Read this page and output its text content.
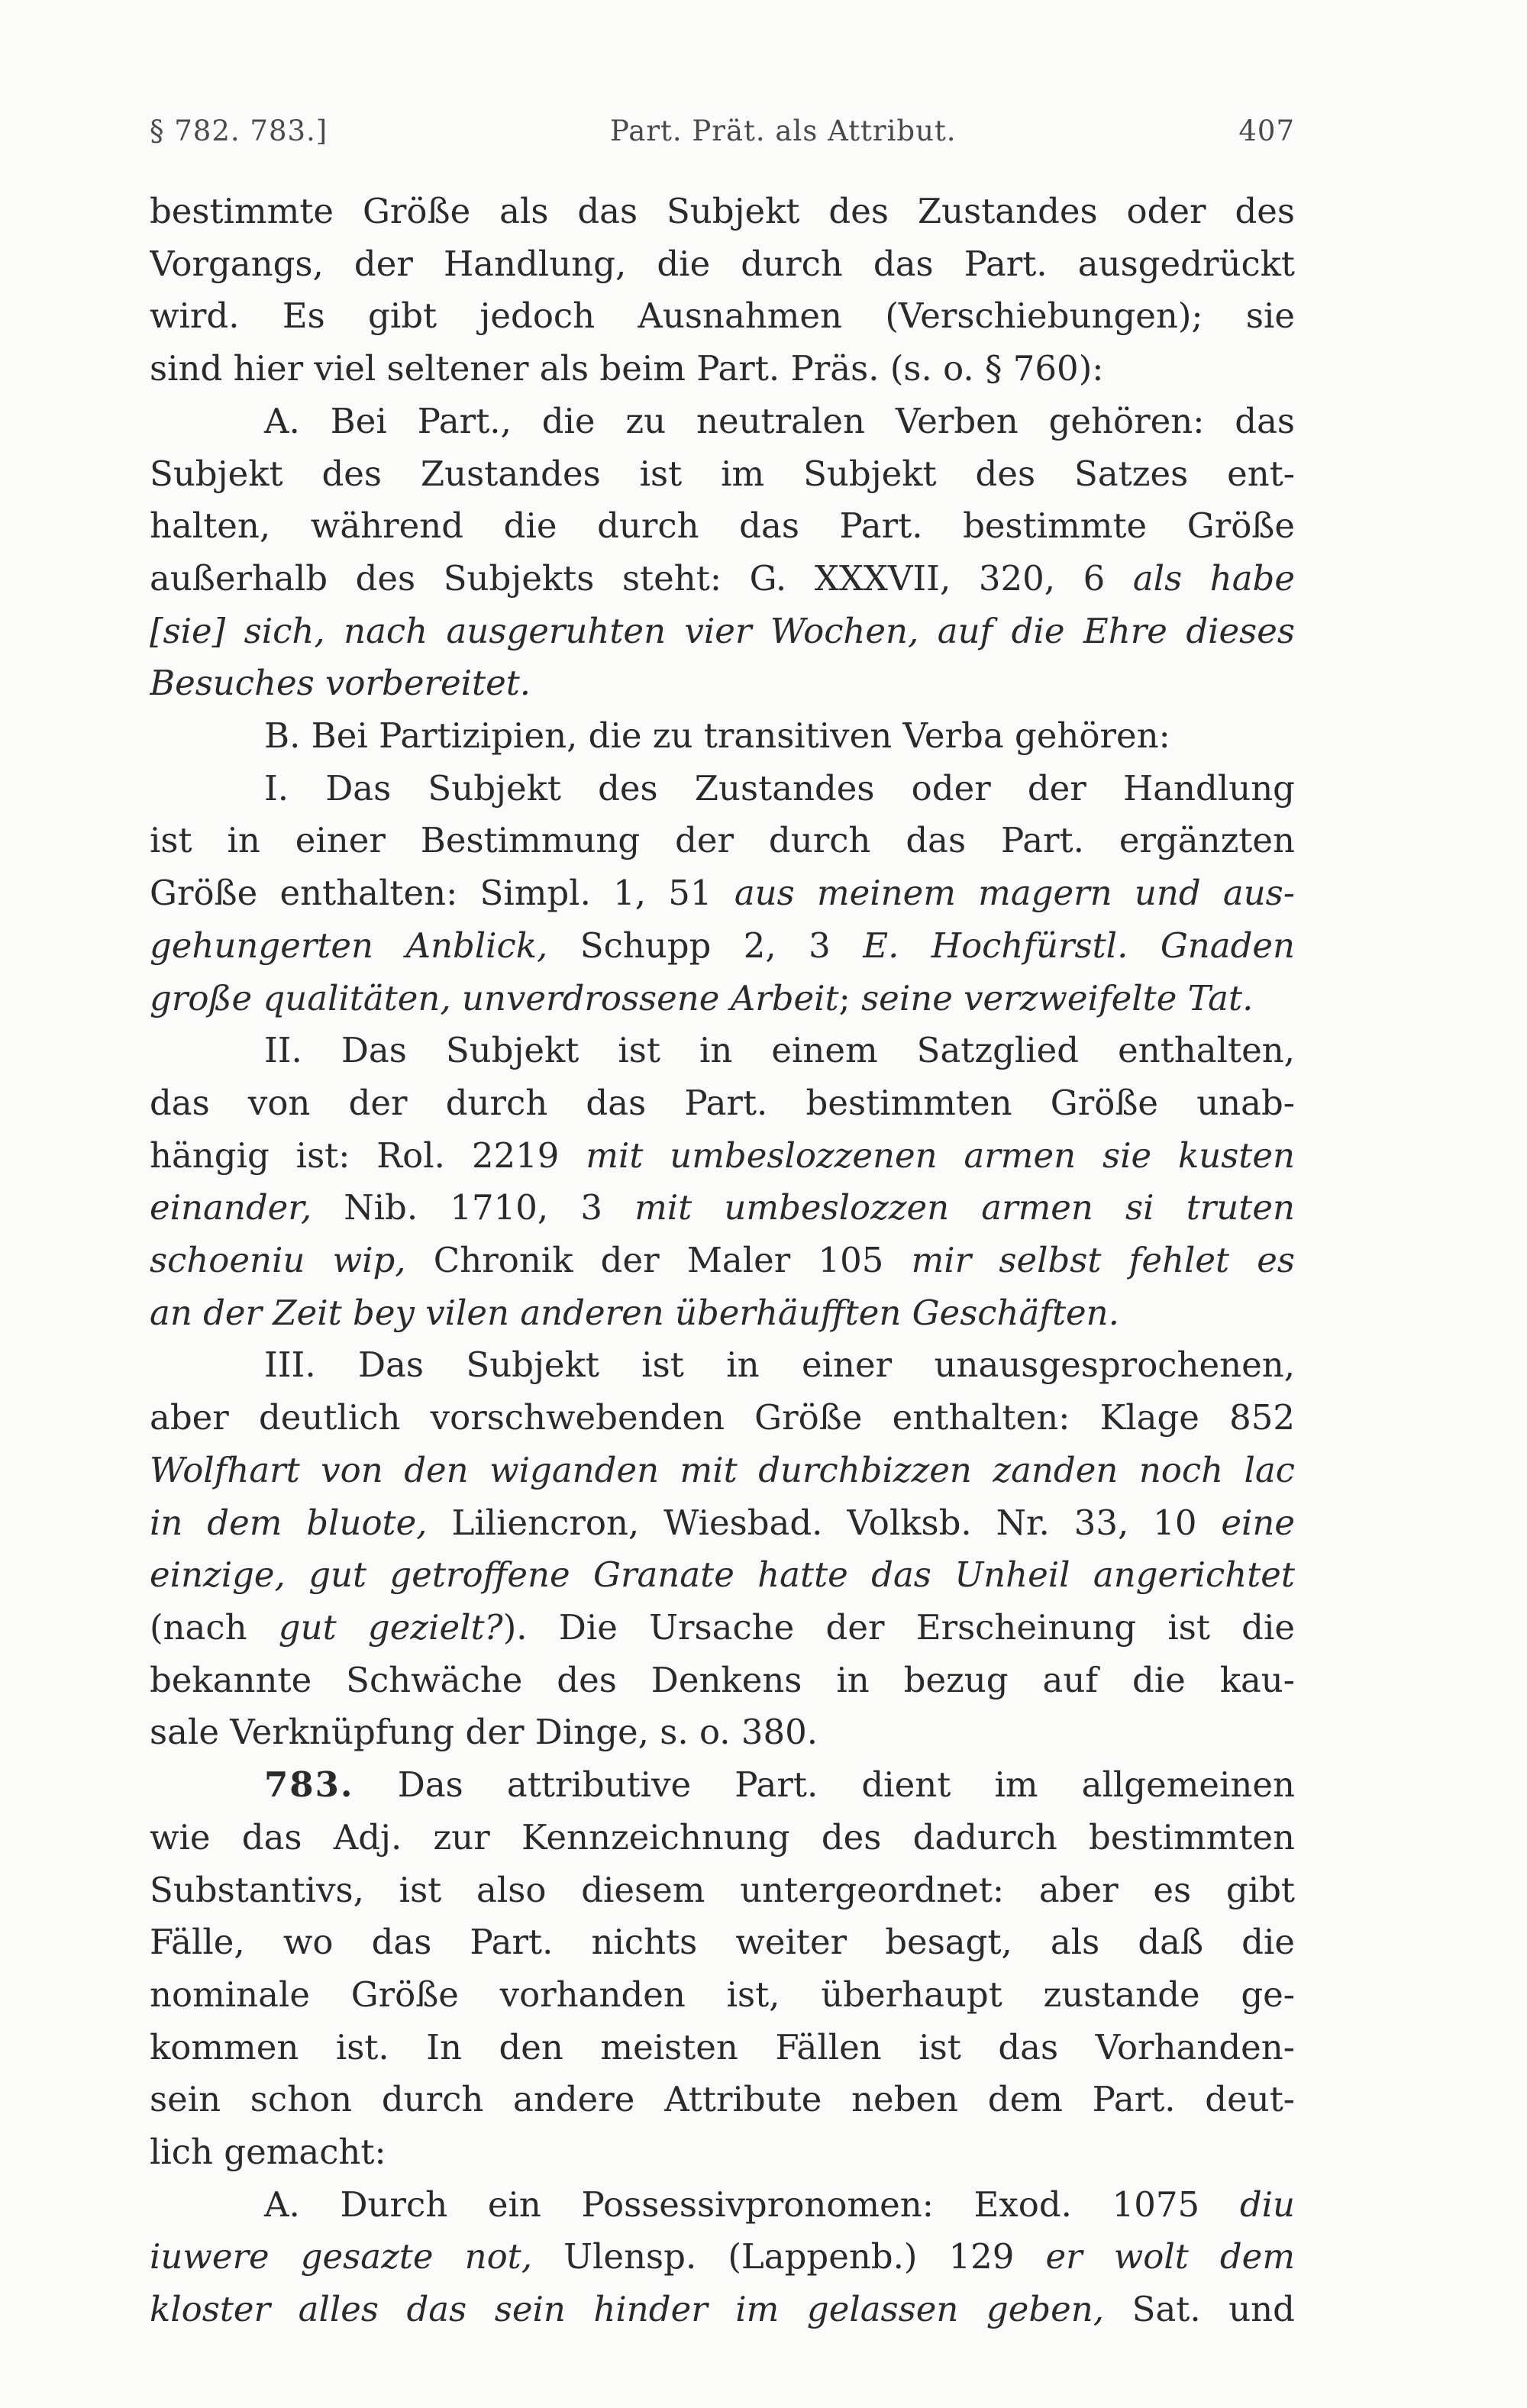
§ 782. 783.]	Part. Prät. als Attribut.	407
bestimmte Größe als das Subjekt des Zustandes oder des
Vorgangs, der Handlung, die durch das Part. ausgedrückt
wird. Es gibt jedoch Ausnahmen (Verschiebungen); sie
sind hier viel seltener als beim Part. Präs. (s. o. § 760):
A. Bei Part., die zu neutralen Verben gehören: das
Subjekt des Zustandes ist im Subjekt des Satzes ent-
halten, während die durch das Part. bestimmte Größe
außerhalb des Subjekts steht: G. XXXVII, 320, 6 als habe
[sie] sich, nach ausgeruhten vier Wochen, auf die Ehre dieses
Besuches vorbereitet.
B. Bei Partizipien, die zu transitiven Verba gehören:
I. Das Subjekt des Zustandes oder der Handlung
ist in einer Bestimmung der durch das Part. ergänzten
Größe enthalten: Simpl. 1, 51 aus meinem magern und aus-
gehungerten Anblick, Schupp 2, 3 E. Hochfürstl. Gnaden
große qualitäten, unverdrossene Arbeit; seine verzweifelte Tat.
II. Das Subjekt ist in einem Satzglied enthalten,
das von der durch das Part. bestimmten Größe unab-
hängig ist: Rol. 2219 mit umbeslozzenen armen sie kusten
einander, Nib. 1710, 3 mit umbeslozzen armen si truten
schoeniu wip, Chronik der Maler 105 mir selbst fehlet es
an der Zeit bey vilen anderen überhäufften Geschäften.
III. Das Subjekt ist in einer unausgesprochenen,
aber deutlich vorschwebenden Größe enthalten: Klage 852
Wolfhart von den wiganden mit durchbizzen zanden noch lac
in dem bluote, Liliencron, Wiesbad. Volksb. Nr. 33, 10 eine
einzige, gut getroffene Granate hatte das Unheil angerichtet
(nach gut gezielt?). Die Ursache der Erscheinung ist die
bekannte Schwäche des Denkens in bezug auf die kau-
sale Verknüpfung der Dinge, s. o. 380.
783. Das attributive Part. dient im allgemeinen
wie das Adj. zur Kennzeichnung des dadurch bestimmten
Substantivs, ist also diesem untergeordnet: aber es gibt
Fälle, wo das Part. nichts weiter besagt, als daß die
nominale Größe vorhanden ist, überhaupt zustande ge-
kommen ist. In den meisten Fällen ist das Vorhanden-
sein schon durch andere Attribute neben dem Part. deut-
lich gemacht:
A. Durch ein Possessivpronomen: Exod. 1075 diu
iuwere gesazte not, Ulensp. (Lappenb.) 129 er wolt dem
kloster alles das sein hinder im gelassen geben, Sat. und
